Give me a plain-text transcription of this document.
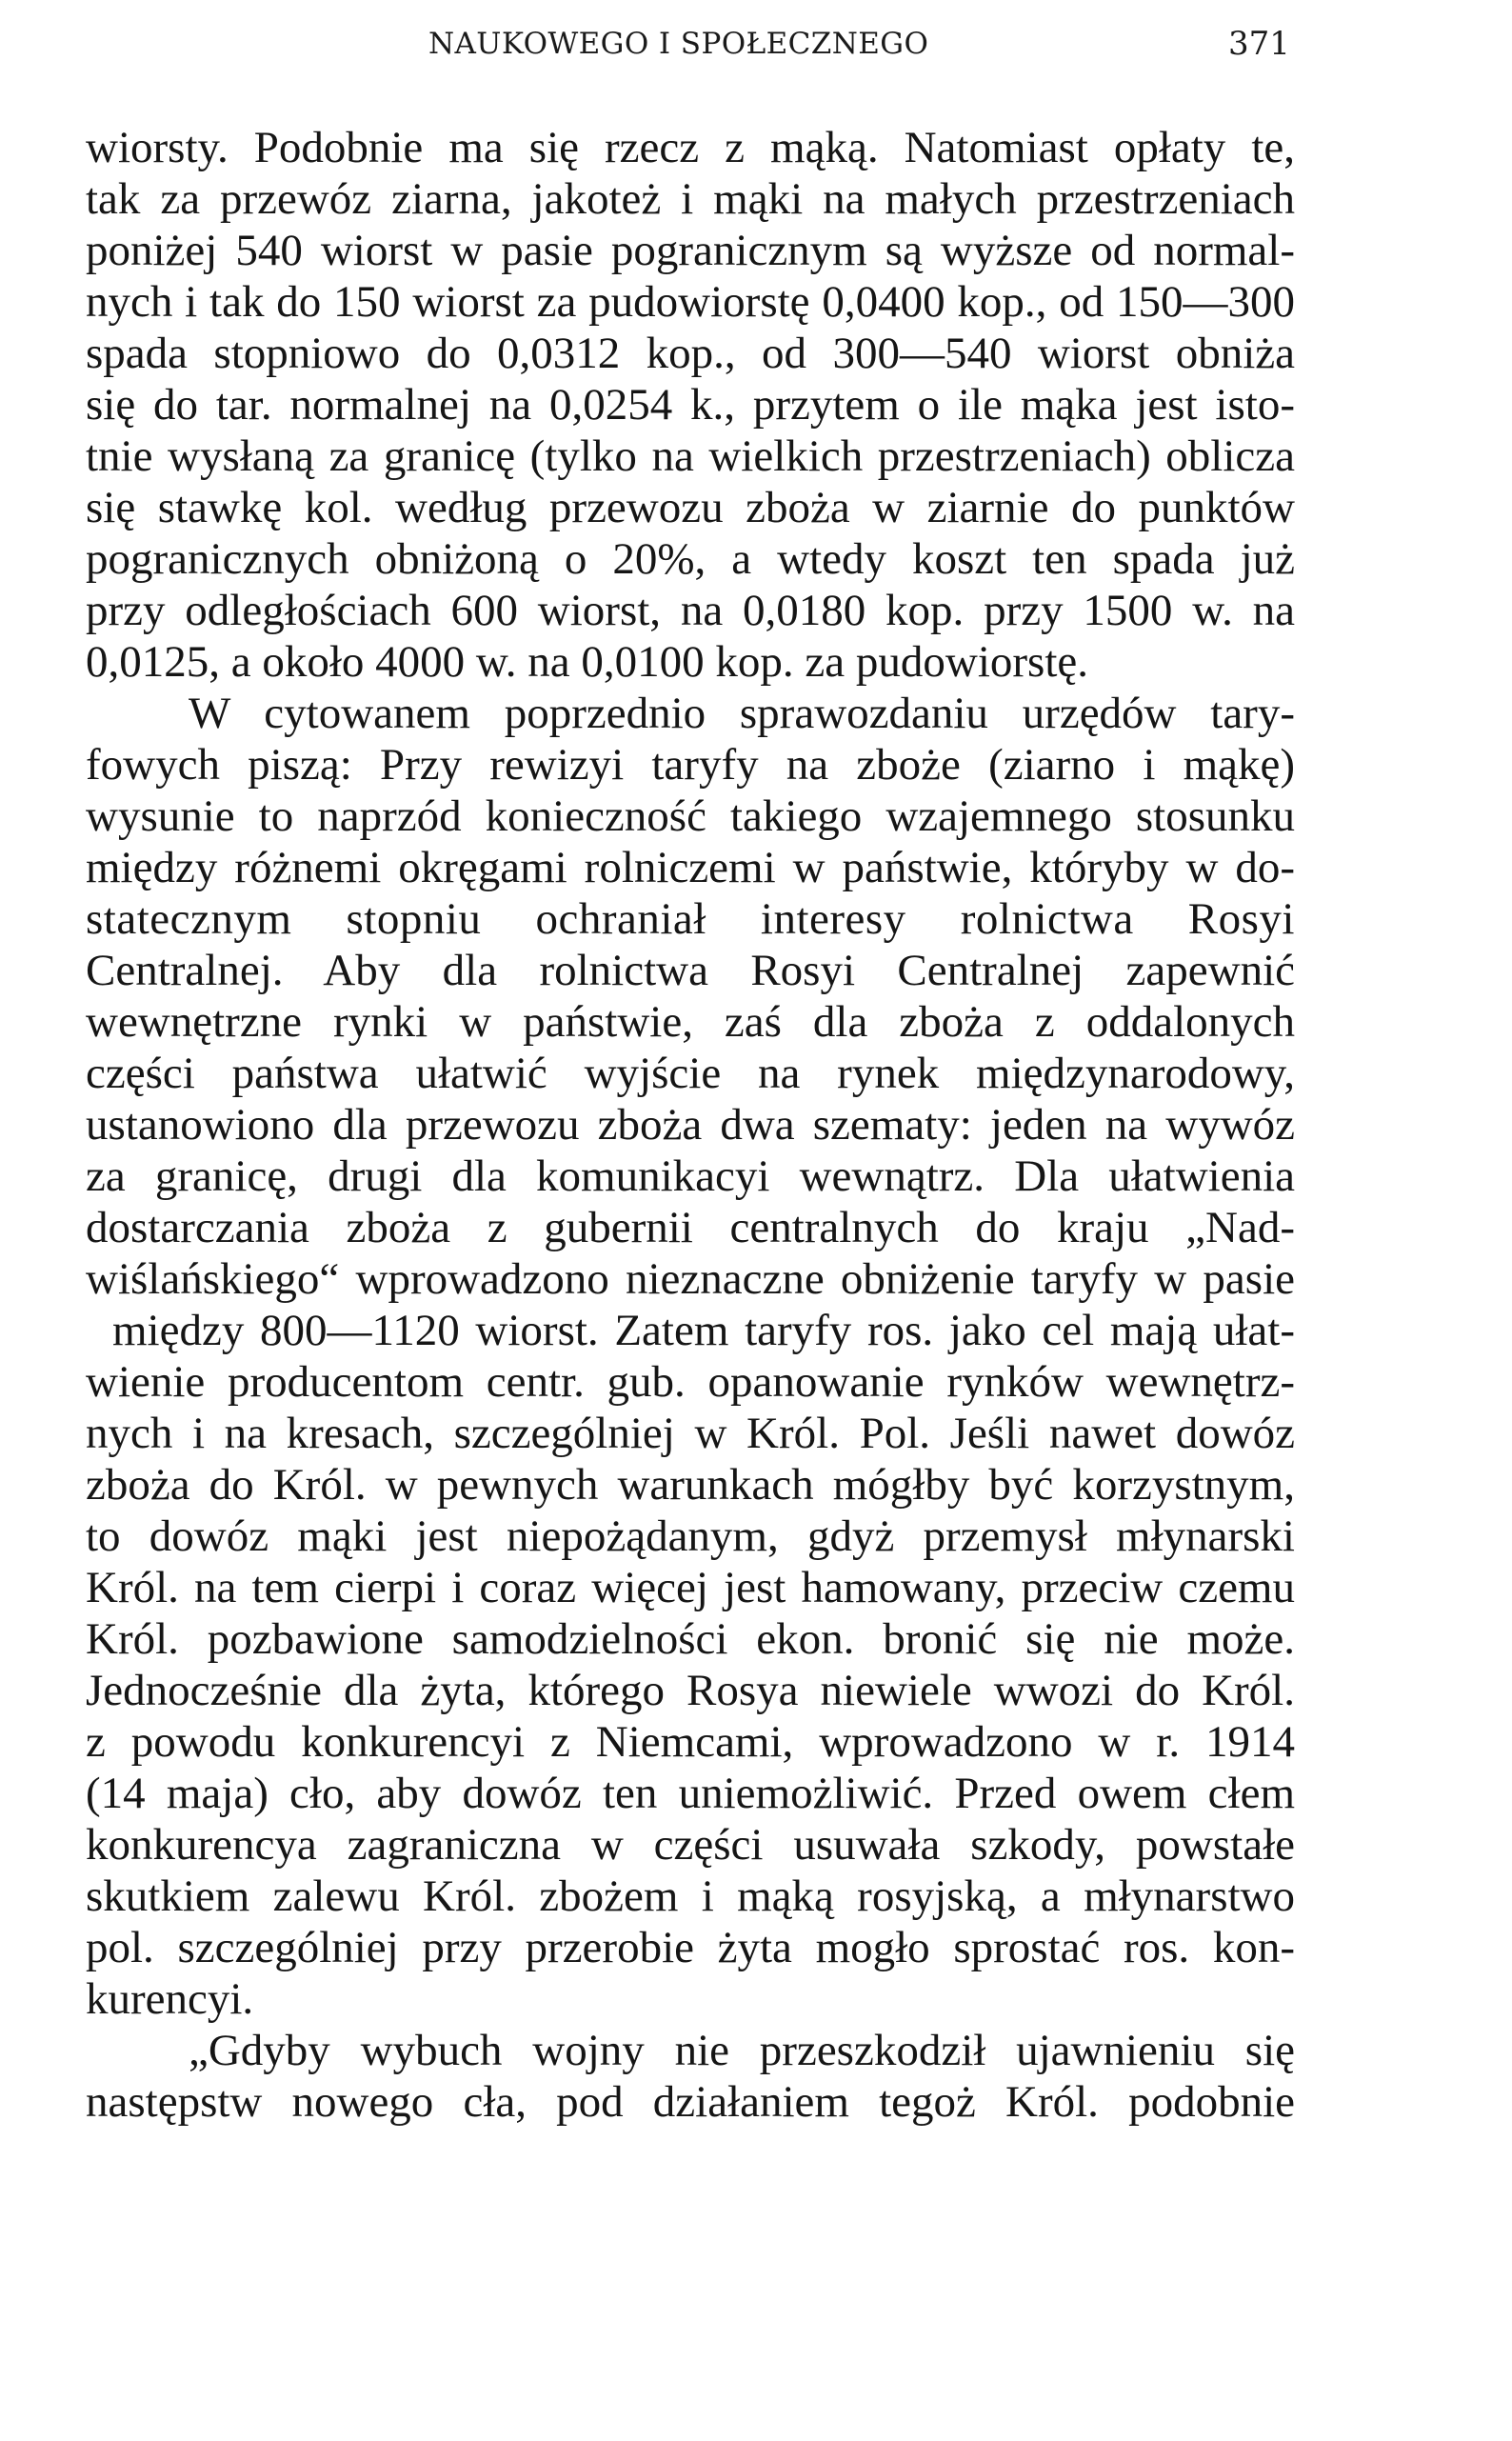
NAUKOWEGO I SPOŁECZNEGO	371
wiorsty. Podobnie ma się rzecz z mąką. Natomiast opłaty te,
tak za przewóz ziarna, jakoteż i mąki na małych przestrzeniach
poniżej 540 wiorst w pasie pogranicznym są wyższe od normal-
nych i tak do 150 wiorst za pudowiorstę 0,0400 kop., od 150—300
spada stopniowo do 0,0312 kop., od 300—540 wiorst obniża
się do tar. normalnej na 0,0254 k., przytem o ile mąka jest isto-
tnie wysłaną za granicę (tylko na wielkich przestrzeniach) oblicza
się stawkę kol. według przewozu zboża w ziarnie do punktów
pogranicznych obniżoną o 20%, a wtedy koszt ten spada już
przy odległościach 600 wiorst, na 0,0180 kop. przy 1500 w. na
0,0125, a około 4000 w. na 0,0100 kop. za pudowiorstę.
W cytowanem poprzednio sprawozdaniu urzędów tary-
fowych piszą: Przy rewizyi taryfy na zboże (ziarno i mąkę)
wysunie to naprzód konieczność takiego wzajemnego stosunku
między różnemi okręgami rolniczemi w państwie, któryby w do-
statecznym stopniu ochraniał interesy rolnictwa Rosyi
Centralnej. Aby dla rolnictwa Rosyi Centralnej zapewnić
wewnętrzne rynki w państwie, zaś dla zboża z oddalonych
części państwa ułatwić wyjście na rynek międzynarodowy,
ustanowiono dla przewozu zboża dwa szematy: jeden na wywóz
za granicę, drugi dla komunikacyi wewnątrz. Dla ułatwienia
dostarczania zboża z gubernii centralnych do kraju „Nad-
wiślańskiego“ wprowadzono nieznaczne obniżenie taryfy w pasie
między 800—1120 wiorst. Zatem taryfy ros. jako cel mają ułat-
wienie producentom centr. gub. opanowanie rynków wewnętrz-
nych i na kresach, szczególniej w Król. Pol. Jeśli nawet dowóz
zboża do Król. w pewnych warunkach mógłby być korzystnym,
to dowóz mąki jest niepożądanym, gdyż przemysł młynarski
Król. na tem cierpi i coraz więcej jest hamowany, przeciw czemu
Król. pozbawione samodzielności ekon. bronić się nie może.
Jednocześnie dla żyta, którego Rosya niewiele wwozi do Król.
z powodu konkurencyi z Niemcami, wprowadzono w r. 1914
(14 maja) cło, aby dowóz ten uniemożliwić. Przed owem cłem
konkurencya zagraniczna w części usuwała szkody, powstałe
skutkiem zalewu Król. zbożem i mąką rosyjską, a młynarstwo
pol. szczególniej przy przerobie żyta mogło sprostać ros. kon-
kurencyi.
„Gdyby wybuch wojny nie przeszkodził ujawnieniu się
następstw nowego cła, pod działaniem tegoż Król. podobnie
